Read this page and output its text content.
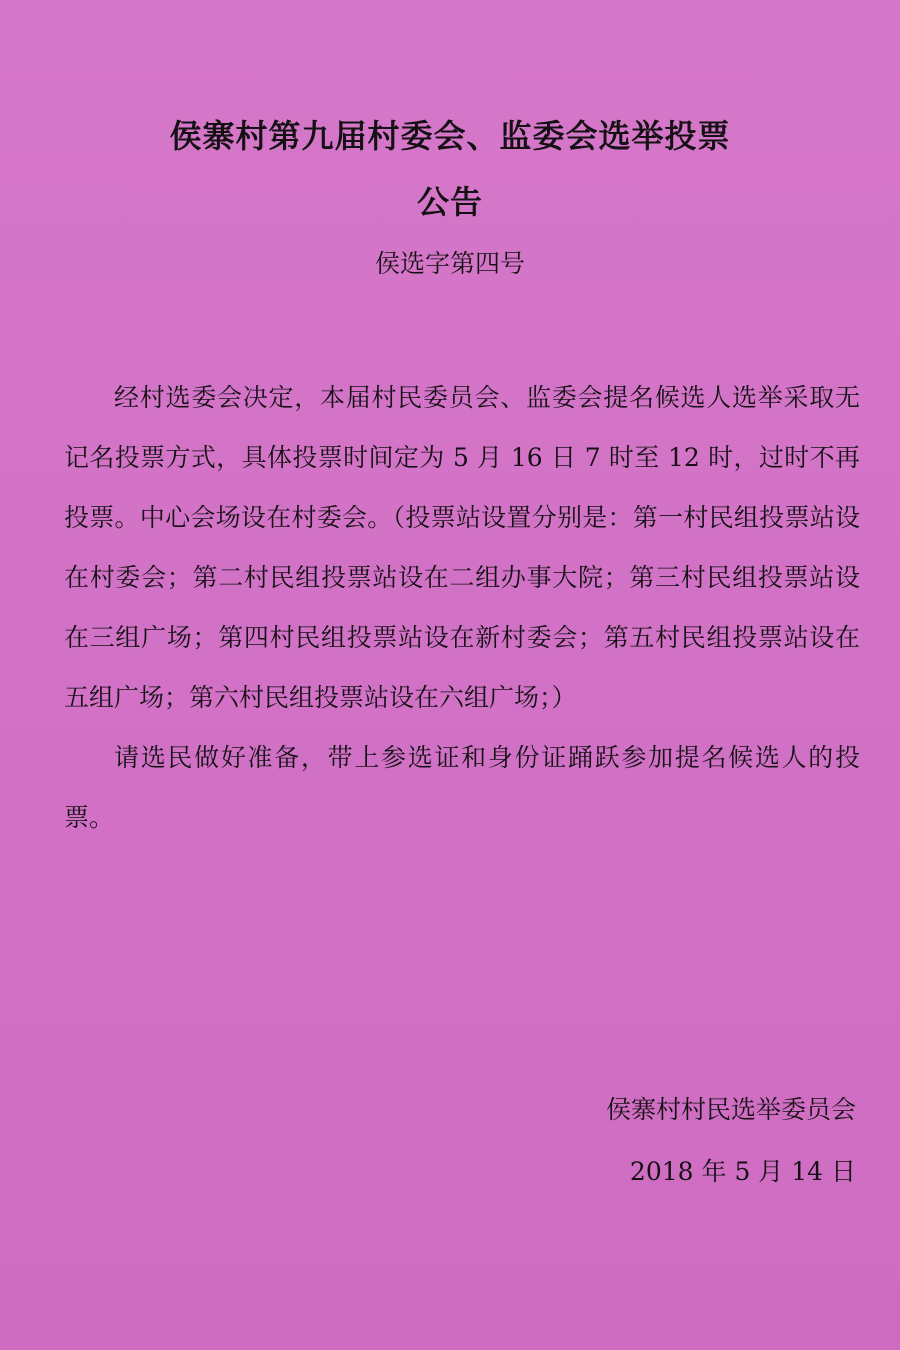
侯寨村第九届村委会、监委会选举投票
公告

侯选字第四号

经村选委会决定，本届村民委员会、监委会提名候选人选举采取无记名投票方式，具体投票时间定为 5 月 16 日 7 时至 12 时，过时不再投票。中心会场设在村委会。（投票站设置分别是：第一村民组投票站设在村委会；第二村民组投票站设在二组办事大院；第三村民组投票站设在三组广场；第四村民组投票站设在新村委会；第五村民组投票站设在五组广场；第六村民组投票站设在六组广场；）

请选民做好准备，带上参选证和身份证踊跃参加提名候选人的投票。

侯寨村村民选举委员会

2018 年 5 月 14 日
